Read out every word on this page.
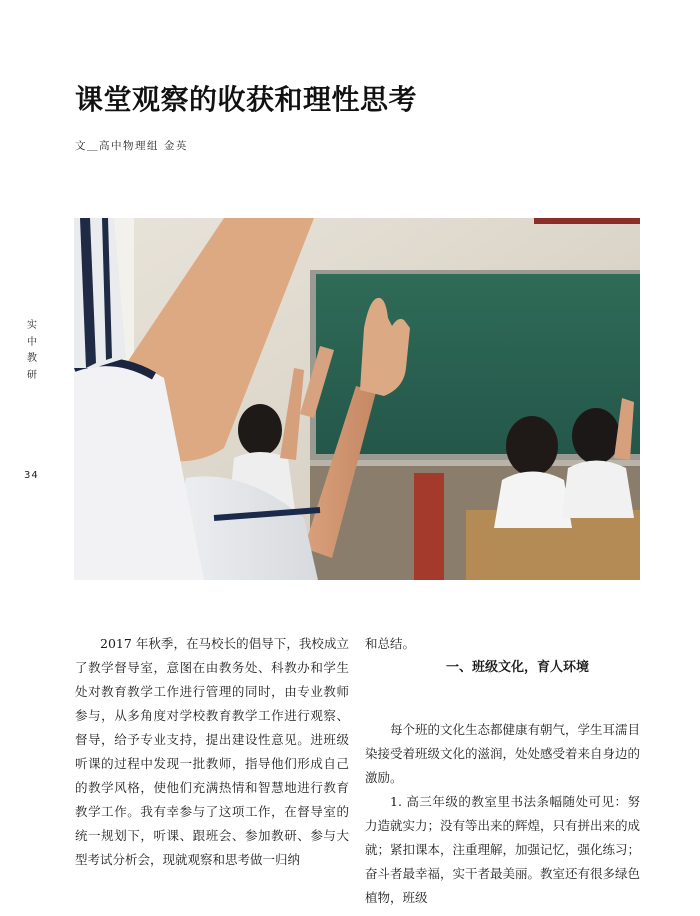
课堂观察的收获和理性思考
文＿高中物理组 金英
实
中
教
研
34

2017 年秋季，在马校长的倡导下，我校成立了教学督导室，意图在由教务处、科教办和学生处对教育教学工作进行管理的同时，由专业教师参与，从多角度对学校教育教学工作进行观察、督导，给予专业支持，提出建设性意见。进班级听课的过程中发现一批教师，指导他们形成自己的教学风格，使他们充满热情和智慧地进行教育教学工作。我有幸参与了这项工作，在督导室的统一规划下，听课、跟班会、参加教研、参与大型考试分析会，现就观察和思考做一归纳

和总结。

一、班级文化，育人环境

每个班的文化生态都健康有朝气，学生耳濡目染接受着班级文化的滋润，处处感受着来自身边的激励。

1. 高三年级的教室里书法条幅随处可见：努力造就实力；没有等出来的辉煌，只有拼出来的成就；紧扣课本，注重理解，加强记忆，强化练习；奋斗者最幸福，实干者最美丽。教室还有很多绿色植物，班级
